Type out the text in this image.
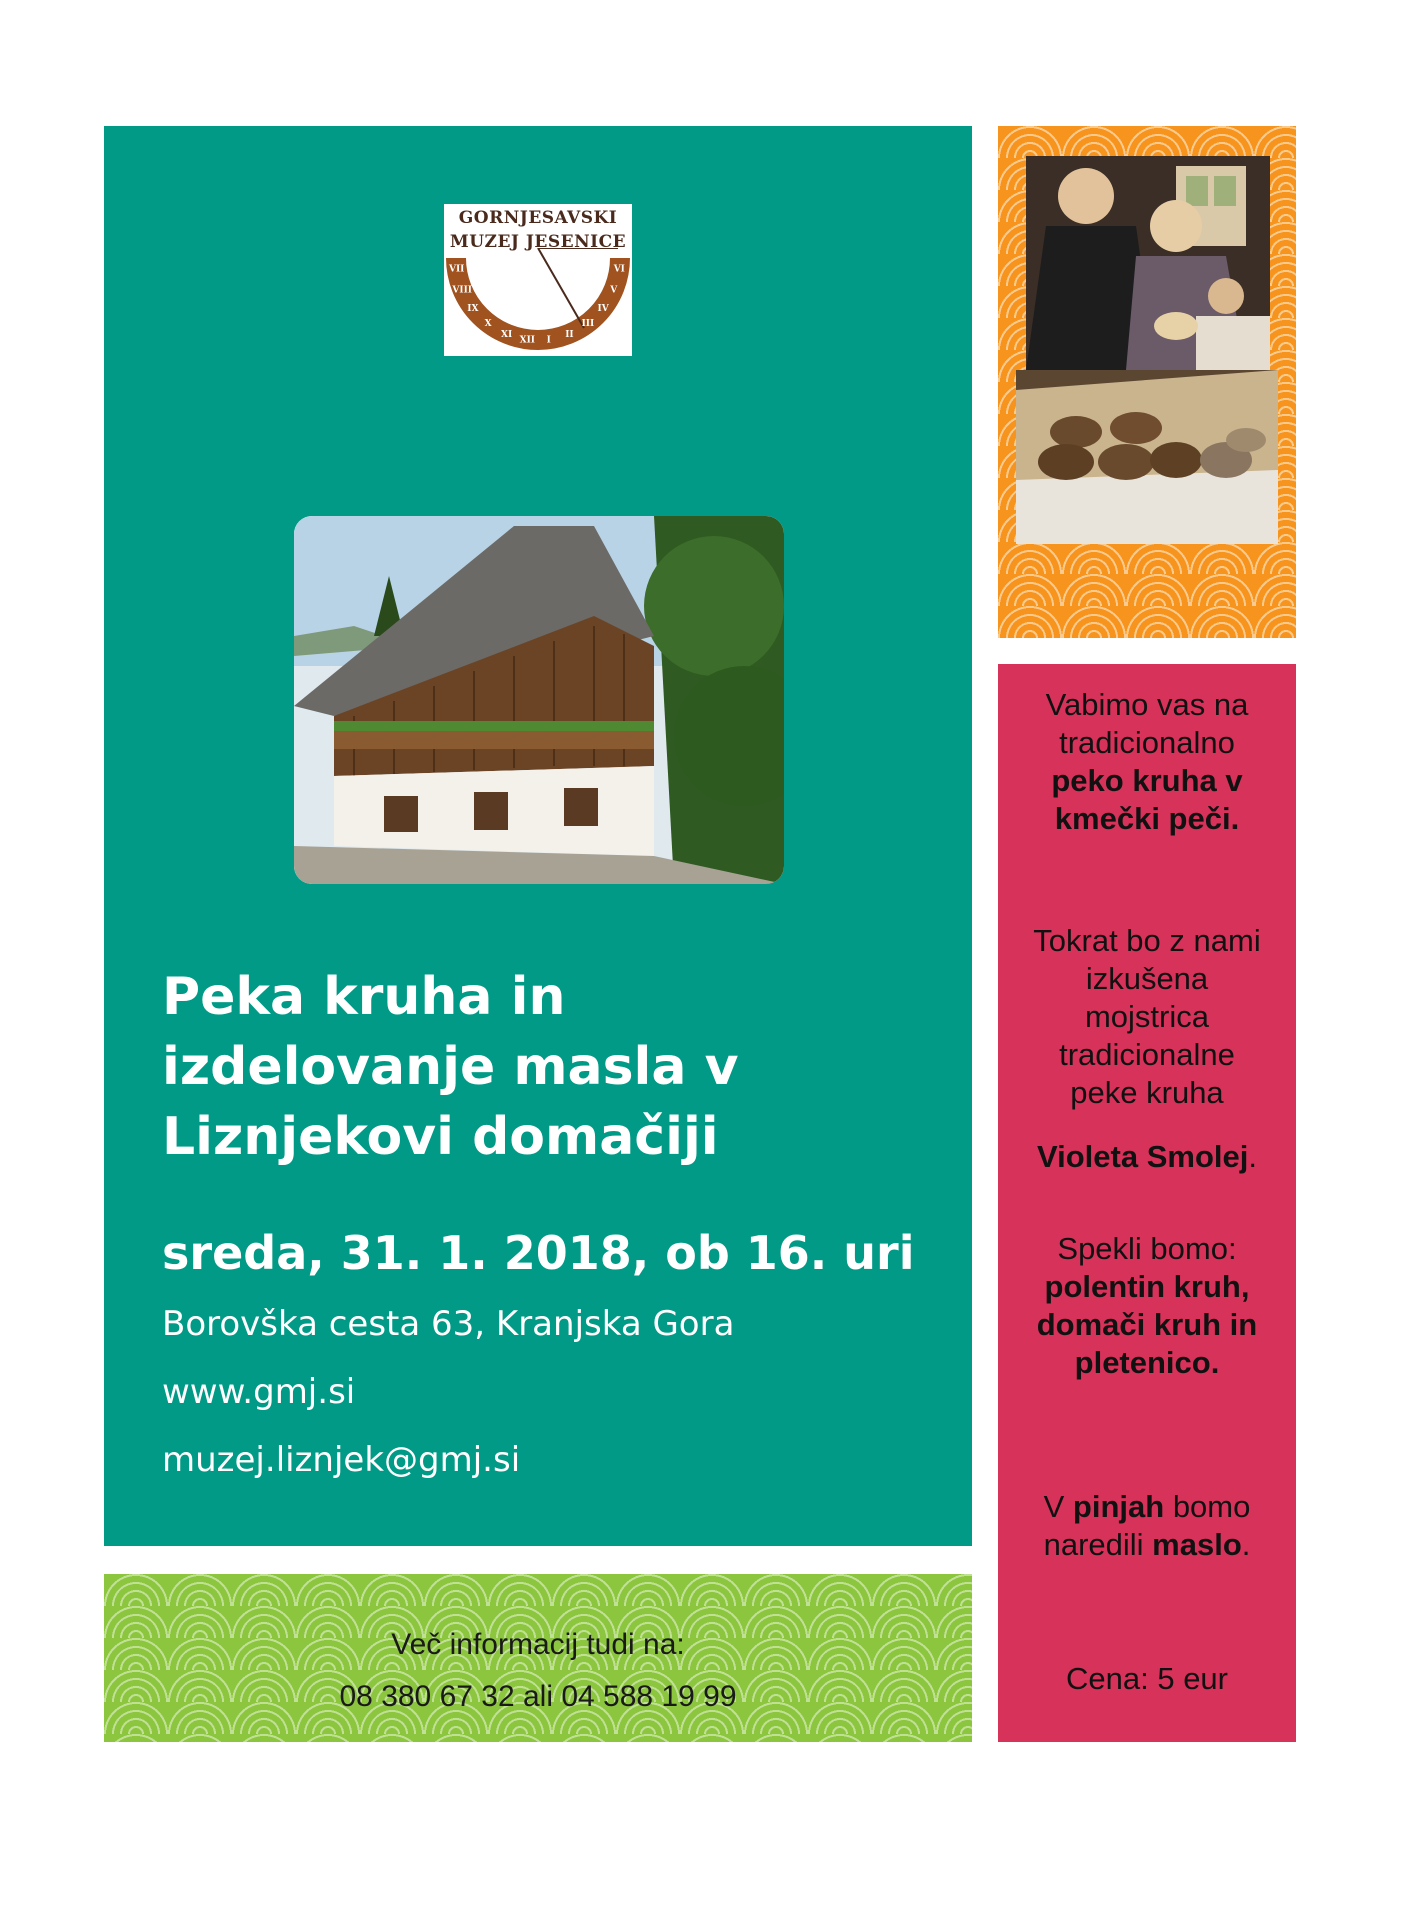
GORNJESAVSKI
MUZEJ JESENICE
VII
VIII
IX
X
XI
XII I
II
III
IV
V
VI
Peka kruha in
izdelovanje masla v
Liznjekovi domačiji
sreda, 31. 1. 2018, ob 16. uri
Borovška cesta 63, Kranjska Gora
www.gmj.si
muzej.liznjek@gmj.si
Več informacij tudi na:
08 380 67 32 ali 04 588 19 99
Vabimo vas na
tradicionalno
peko kruha v
kmečki peči.
Tokrat bo z nami
izkušena
mojstrica
tradicionalne
peke kruha
Violeta Smolej.
Spekli bomo:
polentin kruh,
domači kruh in
pletenico.
V pinjah bomo
naredili maslo.
Cena: 5 eur
